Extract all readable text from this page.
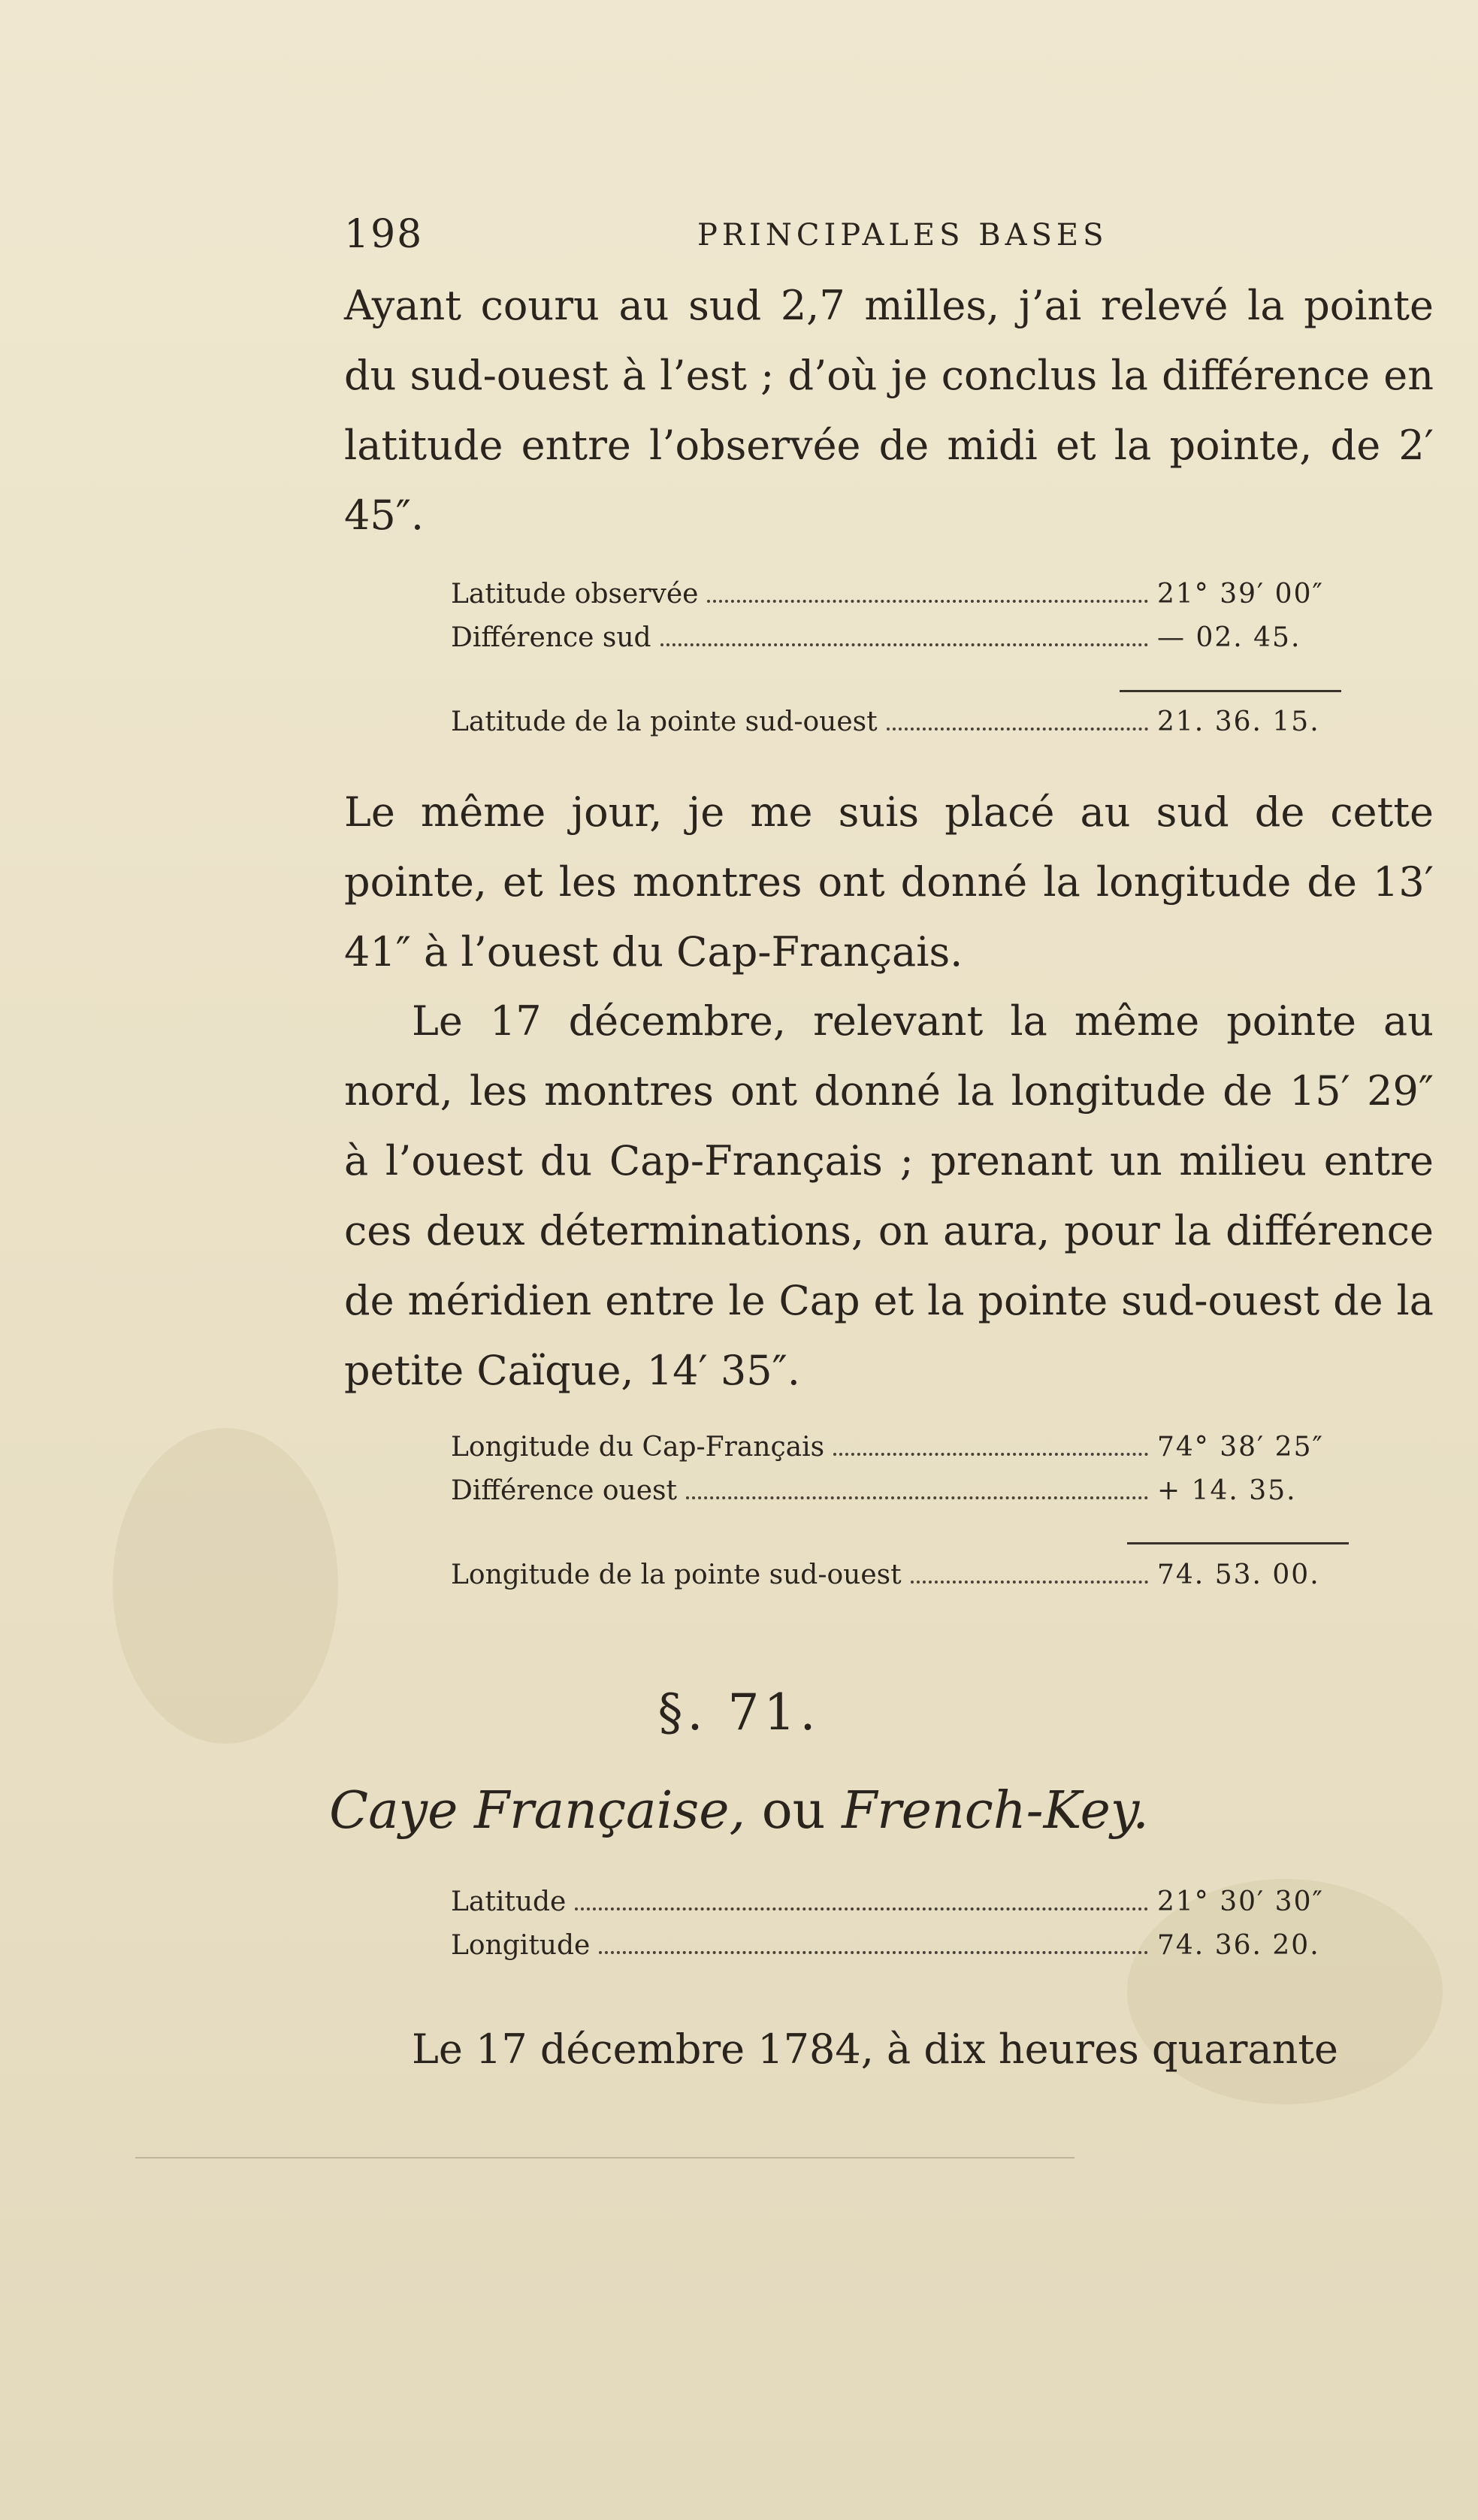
198	PRINCIPALES BASES
Ayant couru au sud 2,7 milles, j’ai relevé la pointe du sud-ouest à l’est ; d’où je conclus la différence en latitude entre l’observée de midi et la pointe, de 2′ 45″.
Latitude observée	21° 39′ 00″
Différence sud	— 02. 45.
Latitude de la pointe sud-ouest	21. 36. 15.
Le même jour, je me suis placé au sud de cette pointe, et les montres ont donné la longitude de 13′ 41″ à l’ouest du Cap-Français.
Le 17 décembre, relevant la même pointe au nord, les montres ont donné la longitude de 15′ 29″ à l’ouest du Cap-Français ; prenant un milieu entre ces deux déterminations, on aura, pour la différence de méridien entre le Cap et la pointe sud-ouest de la petite Caïque, 14′ 35″.
Longitude du Cap-Français	74° 38′ 25″
Différence ouest	+ 14. 35.
Longitude de la pointe sud-ouest	74. 53. 00.
§. 71.
Caye Française, ou French-Key.
Latitude	21° 30′ 30″
Longitude	74. 36. 20.
Le 17 décembre 1784, à dix heures quarante
